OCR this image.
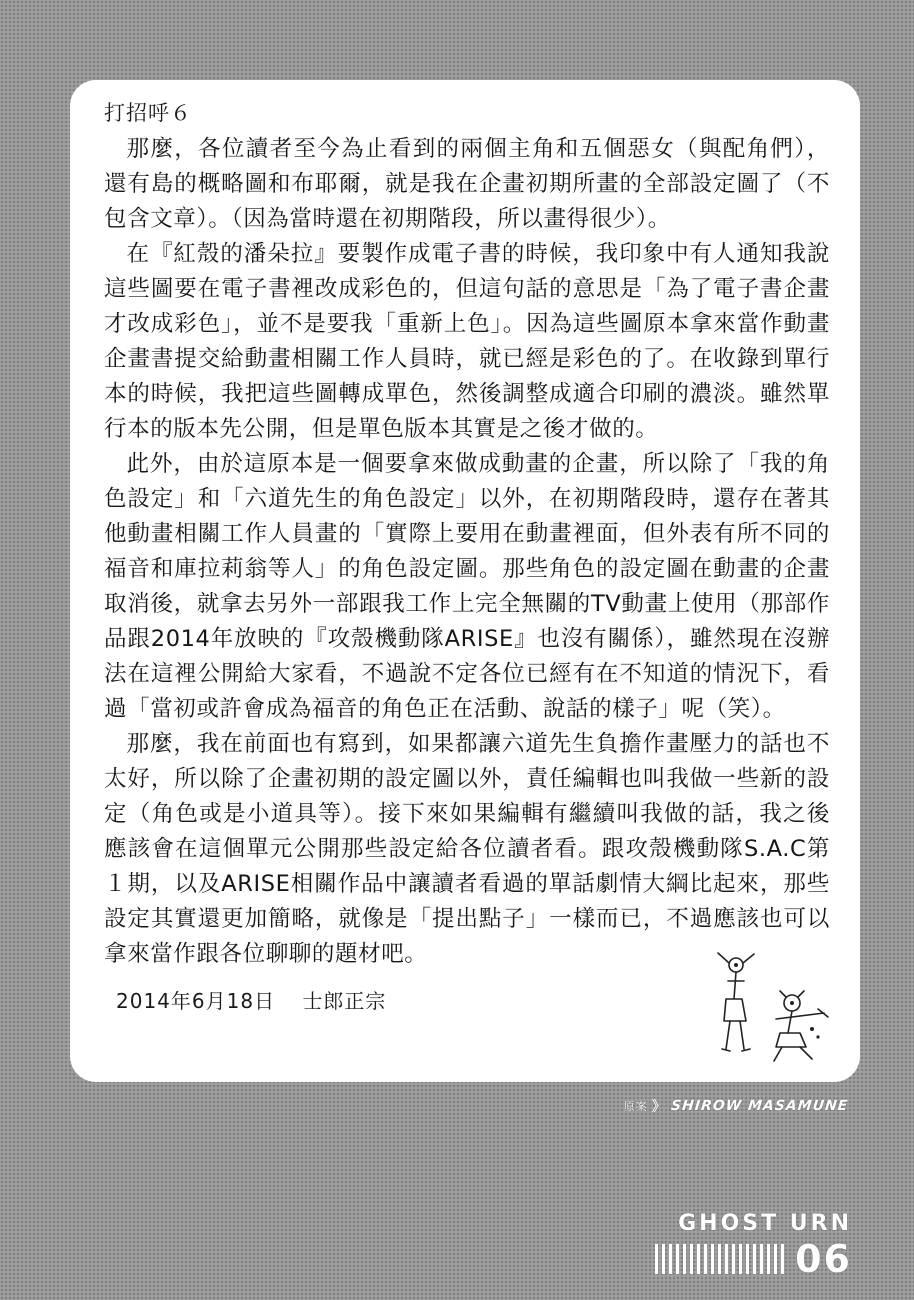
打招呼６

那麼，各位讀者至今為止看到的兩個主角和五個惡女（與配角們），還有島的概略圖和布耶爾，就是我在企畫初期所畫的全部設定圖了（不包含文章）。（因為當時還在初期階段，所以畫得很少）。

在『紅殼的潘朵拉』要製作成電子書的時候，我印象中有人通知我說這些圖要在電子書裡改成彩色的，但這句話的意思是「為了電子書企畫才改成彩色」，並不是要我「重新上色」。因為這些圖原本拿來當作動畫企畫書提交給動畫相關工作人員時，就已經是彩色的了。在收錄到單行本的時候，我把這些圖轉成單色，然後調整成適合印刷的濃淡。雖然單行本的版本先公開，但是單色版本其實是之後才做的。

此外，由於這原本是一個要拿來做成動畫的企畫，所以除了「我的角色設定」和「六道先生的角色設定」以外，在初期階段時，還存在著其他動畫相關工作人員畫的「實際上要用在動畫裡面，但外表有所不同的福音和庫拉莉翁等人」的角色設定圖。那些角色的設定圖在動畫的企畫取消後，就拿去另外一部跟我工作上完全無關的TV動畫上使用（那部作品跟2014年放映的『攻殼機動隊ARISE』也沒有關係），雖然現在沒辦法在這裡公開給大家看，不過說不定各位已經有在不知道的情況下，看過「當初或許會成為福音的角色正在活動、說話的樣子」呢（笑）。

那麼，我在前面也有寫到，如果都讓六道先生負擔作畫壓力的話也不太好，所以除了企畫初期的設定圖以外，責任編輯也叫我做一些新的設定（角色或是小道具等）。接下來如果編輯有繼續叫我做的話，我之後應該會在這個單元公開那些設定給各位讀者看。跟攻殼機動隊S.A.C第１期，以及ARISE相關作品中讓讀者看過的單話劇情大綱比起來，那些設定其實還更加簡略，就像是「提出點子」一樣而已，不過應該也可以拿來當作跟各位聊聊的題材吧。

2014年6月18日 士郎正宗
原案 》 SHIROW MASAMUNE
GHOST URN
06
